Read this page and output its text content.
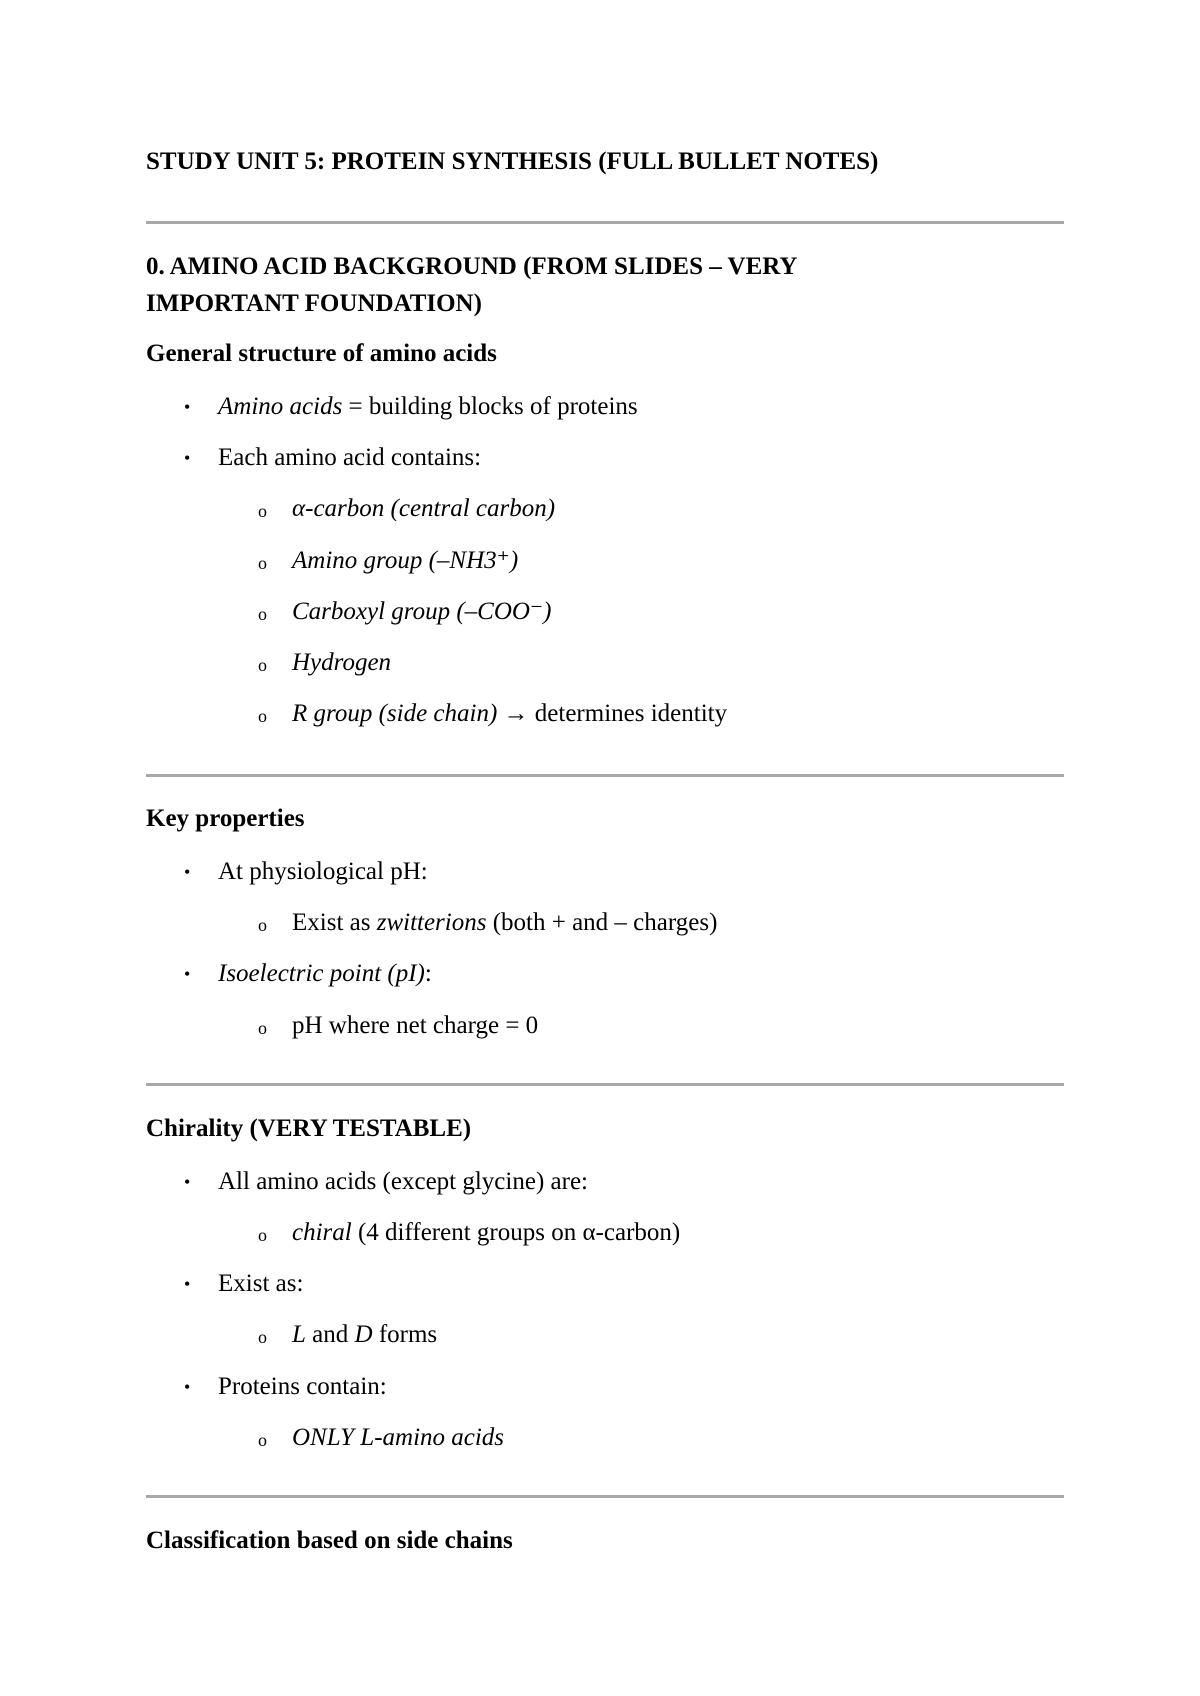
STUDY UNIT 5: PROTEIN SYNTHESIS (FULL BULLET NOTES)
0. AMINO ACID BACKGROUND (FROM SLIDES – VERY
IMPORTANT FOUNDATION)
General structure of amino acids
• Amino acids = building blocks of proteins
• Each amino acid contains:
o α-carbon (central carbon)
o Amino group (–NH3⁺)
o Carboxyl group (–COO⁻)
o Hydrogen
o R group (side chain) → determines identity
Key properties
• At physiological pH:
o Exist as zwitterions (both + and – charges)
• Isoelectric point (pI):
o pH where net charge = 0
Chirality (VERY TESTABLE)
• All amino acids (except glycine) are:
o chiral (4 different groups on α-carbon)
• Exist as:
o L and D forms
• Proteins contain:
o ONLY L-amino acids
Classification based on side chains
